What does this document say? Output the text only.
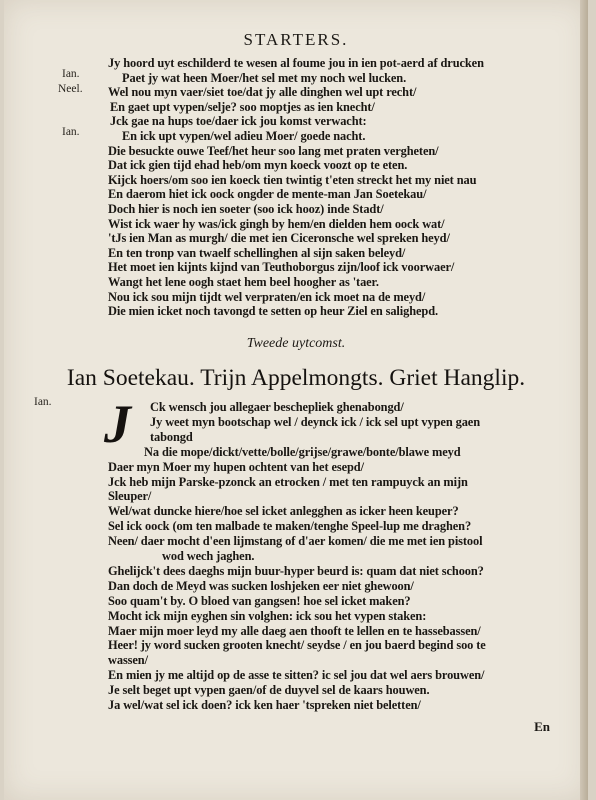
STARTERS.
Ian.
Neel.
Ian.
Ian.
Jy hoord uyt eschilderd te wesen al foume jou in ien pot-aerd af drucken
Paet jy wat heen Moer/het sel met my noch wel lucken.
Wel nou myn vaer/siet toe/dat jy alle dinghen wel upt recht/
En gaet upt vypen/selje? soo moptjes as ien knecht/
Jck gae na hups toe/daer ick jou komst verwacht:
En ick upt vypen/wel adieu Moer/ goede nacht.
Die besuckte ouwe Teef/het heur soo lang met praten vergheten/
Dat ick gien tijd ehad heb/om myn koeck voozt op te eten.
Kijck hoers/om soo ien koeck tien twintig t'eten streckt het my niet nau
En daerom hiet ick oock ongder de mente-man Jan Soetekau/
Doch hier is noch ien soeter (soo ick hooz) inde Stadt/
Wist ick waer hy was/ick gingh by hem/en dielden hem oock wat/
'tJs ien Man as murgh/ die met ien Ciceronsche wel spreken heyd/
En ten tronp van twaelf schellinghen al sijn saken beleyd/
Het moet ien kijnts kijnd van Teuthoborgus zijn/loof ick voorwaer/
Wangt het lene oogh staet hem beel hoogher as 'taer.
Nou ick sou mijn tijdt wel verpraten/en ick moet na de meyd/
Die mien icket noch tavongd te setten op heur Ziel en salighepd.
Tweede uytcomst.
Ian Soetekau. Trijn Appelmongts. Griet Hanglip.
J Ck wensch jou allegaer beschepliek ghenabongd/
Jy weet myn bootschap wel / deynck ick / ick sel upt vypen gaen
tabongd
Na die mope/dickt/vette/bolle/grijse/grawe/bonte/blawe meyd
Daer myn Moer my hupen ochtent van het esepd/
Jck heb mijn Parske-pzonck an etrocken / met ten rampuyck an mijn
Sleuper/
Wel/wat duncke hiere/hoe sel icket anlegghen as icker heen keuper?
Sel ick oock (om ten malbade te maken/tenghe Speel-lup me draghen?
Neen/ daer mocht d'een lijmstang of d'aer komen/ die me met ien pistool
wod wech jaghen.
Ghelijck't dees daeghs mijn buur-hyper beurd is: quam dat niet schoon?
Dan doch de Meyd was sucken loshjeken eer niet ghewoon/
Soo quam't by. O bloed van gangsen! hoe sel icket maken?
Mocht ick mijn eyghen sin volghen: ick sou het vypen staken:
Maer mijn moer leyd my alle daeg aen thooft te lellen en te hassebassen/
Heer! jy word sucken grooten knecht/ seydse / en jou baerd begind soo te
wassen/
En mien jy me altijd op de asse te sitten? ic sel jou dat wel aers brouwen/
Je selt beget upt vypen gaen/of de duyvel sel de kaars houwen.
Ja wel/wat sel ick doen? ick ken haer 'tspreken niet beletten/
En
